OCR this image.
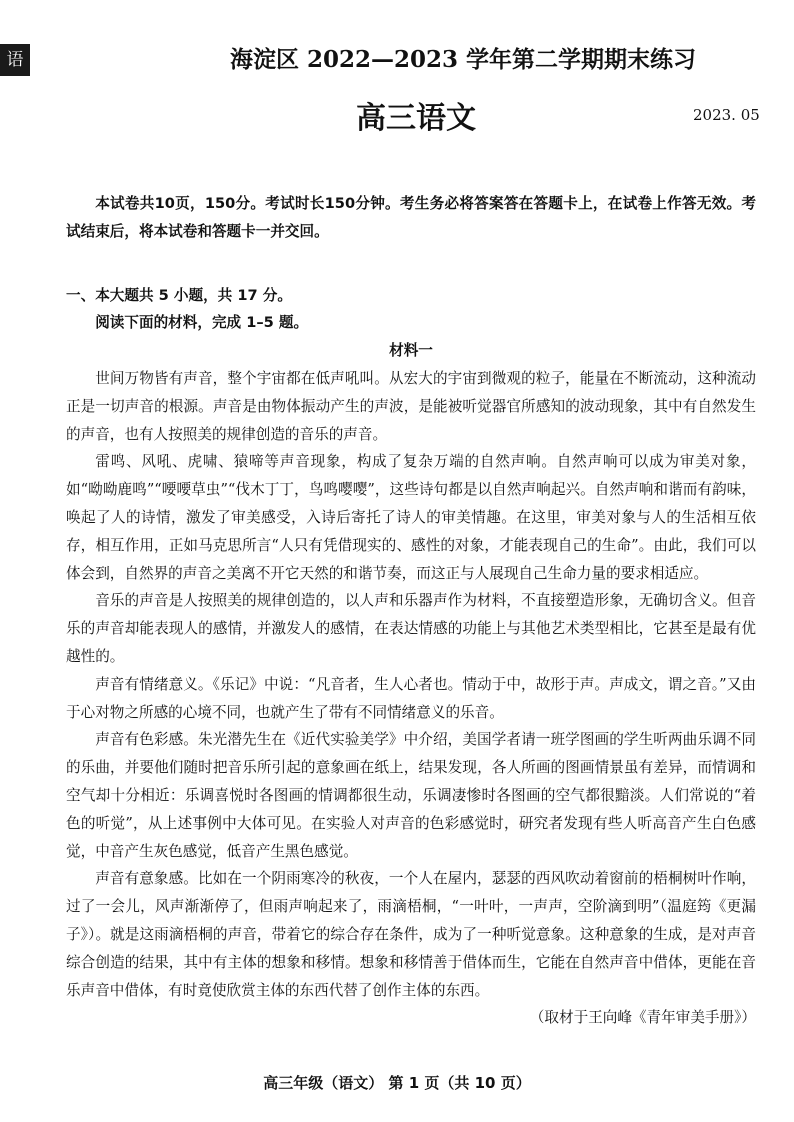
语	海淀区 2022—2023 学年第二学期期末练习
高三语文	2023. 05

本试卷共10页，150分。考试时长150分钟。考生务必将答案答在答题卡上，在试卷上作答无效。考试结束后，将本试卷和答题卡一并交回。

一、本大题共 5 小题，共 17 分。

阅读下面的材料，完成 1–5 题。

材料一

世间万物皆有声音，整个宇宙都在低声吼叫。从宏大的宇宙到微观的粒子，能量在不断流动，这种流动正是一切声音的根源。声音是由物体振动产生的声波，是能被听觉器官所感知的波动现象，其中有自然发生的声音，也有人按照美的规律创造的音乐的声音。

雷鸣、风吼、虎啸、猿啼等声音现象，构成了复杂万端的自然声响。自然声响可以成为审美对象，如“呦呦鹿鸣”“喓喓草虫”“伐木丁丁，鸟鸣嘤嘤”，这些诗句都是以自然声响起兴。自然声响和谐而有韵味，唤起了人的诗情，激发了审美感受，入诗后寄托了诗人的审美情趣。在这里，审美对象与人的生活相互依存，相互作用，正如马克思所言“人只有凭借现实的、感性的对象，才能表现自己的生命”。由此，我们可以体会到，自然界的声音之美离不开它天然的和谐节奏，而这正与人展现自己生命力量的要求相适应。

音乐的声音是人按照美的规律创造的，以人声和乐器声作为材料，不直接塑造形象，无确切含义。但音乐的声音却能表现人的感情，并激发人的感情，在表达情感的功能上与其他艺术类型相比，它甚至是最有优越性的。

声音有情绪意义。《乐记》中说：“凡音者，生人心者也。情动于中，故形于声。声成文，谓之音。”又由于心对物之所感的心境不同，也就产生了带有不同情绪意义的乐音。

声音有色彩感。朱光潜先生在《近代实验美学》中介绍，美国学者请一班学图画的学生听两曲乐调不同的乐曲，并要他们随时把音乐所引起的意象画在纸上，结果发现，各人所画的图画情景虽有差异，而情调和空气却十分相近：乐调喜悦时各图画的情调都很生动，乐调凄惨时各图画的空气都很黯淡。人们常说的“着色的听觉”，从上述事例中大体可见。在实验人对声音的色彩感觉时，研究者发现有些人听高音产生白色感觉，中音产生灰色感觉，低音产生黑色感觉。

声音有意象感。比如在一个阴雨寒冷的秋夜，一个人在屋内，瑟瑟的西风吹动着窗前的梧桐树叶作响，过了一会儿，风声渐渐停了，但雨声响起来了，雨滴梧桐，“一叶叶，一声声，空阶滴到明”（温庭筠《更漏子》）。就是这雨滴梧桐的声音，带着它的综合存在条件，成为了一种听觉意象。这种意象的生成，是对声音综合创造的结果，其中有主体的想象和移情。想象和移情善于借体而生，它能在自然声音中借体，更能在音乐声音中借体，有时竟使欣赏主体的东西代替了创作主体的东西。

（取材于王向峰《青年审美手册》）

高三年级（语文） 第 1 页（共 10 页）
